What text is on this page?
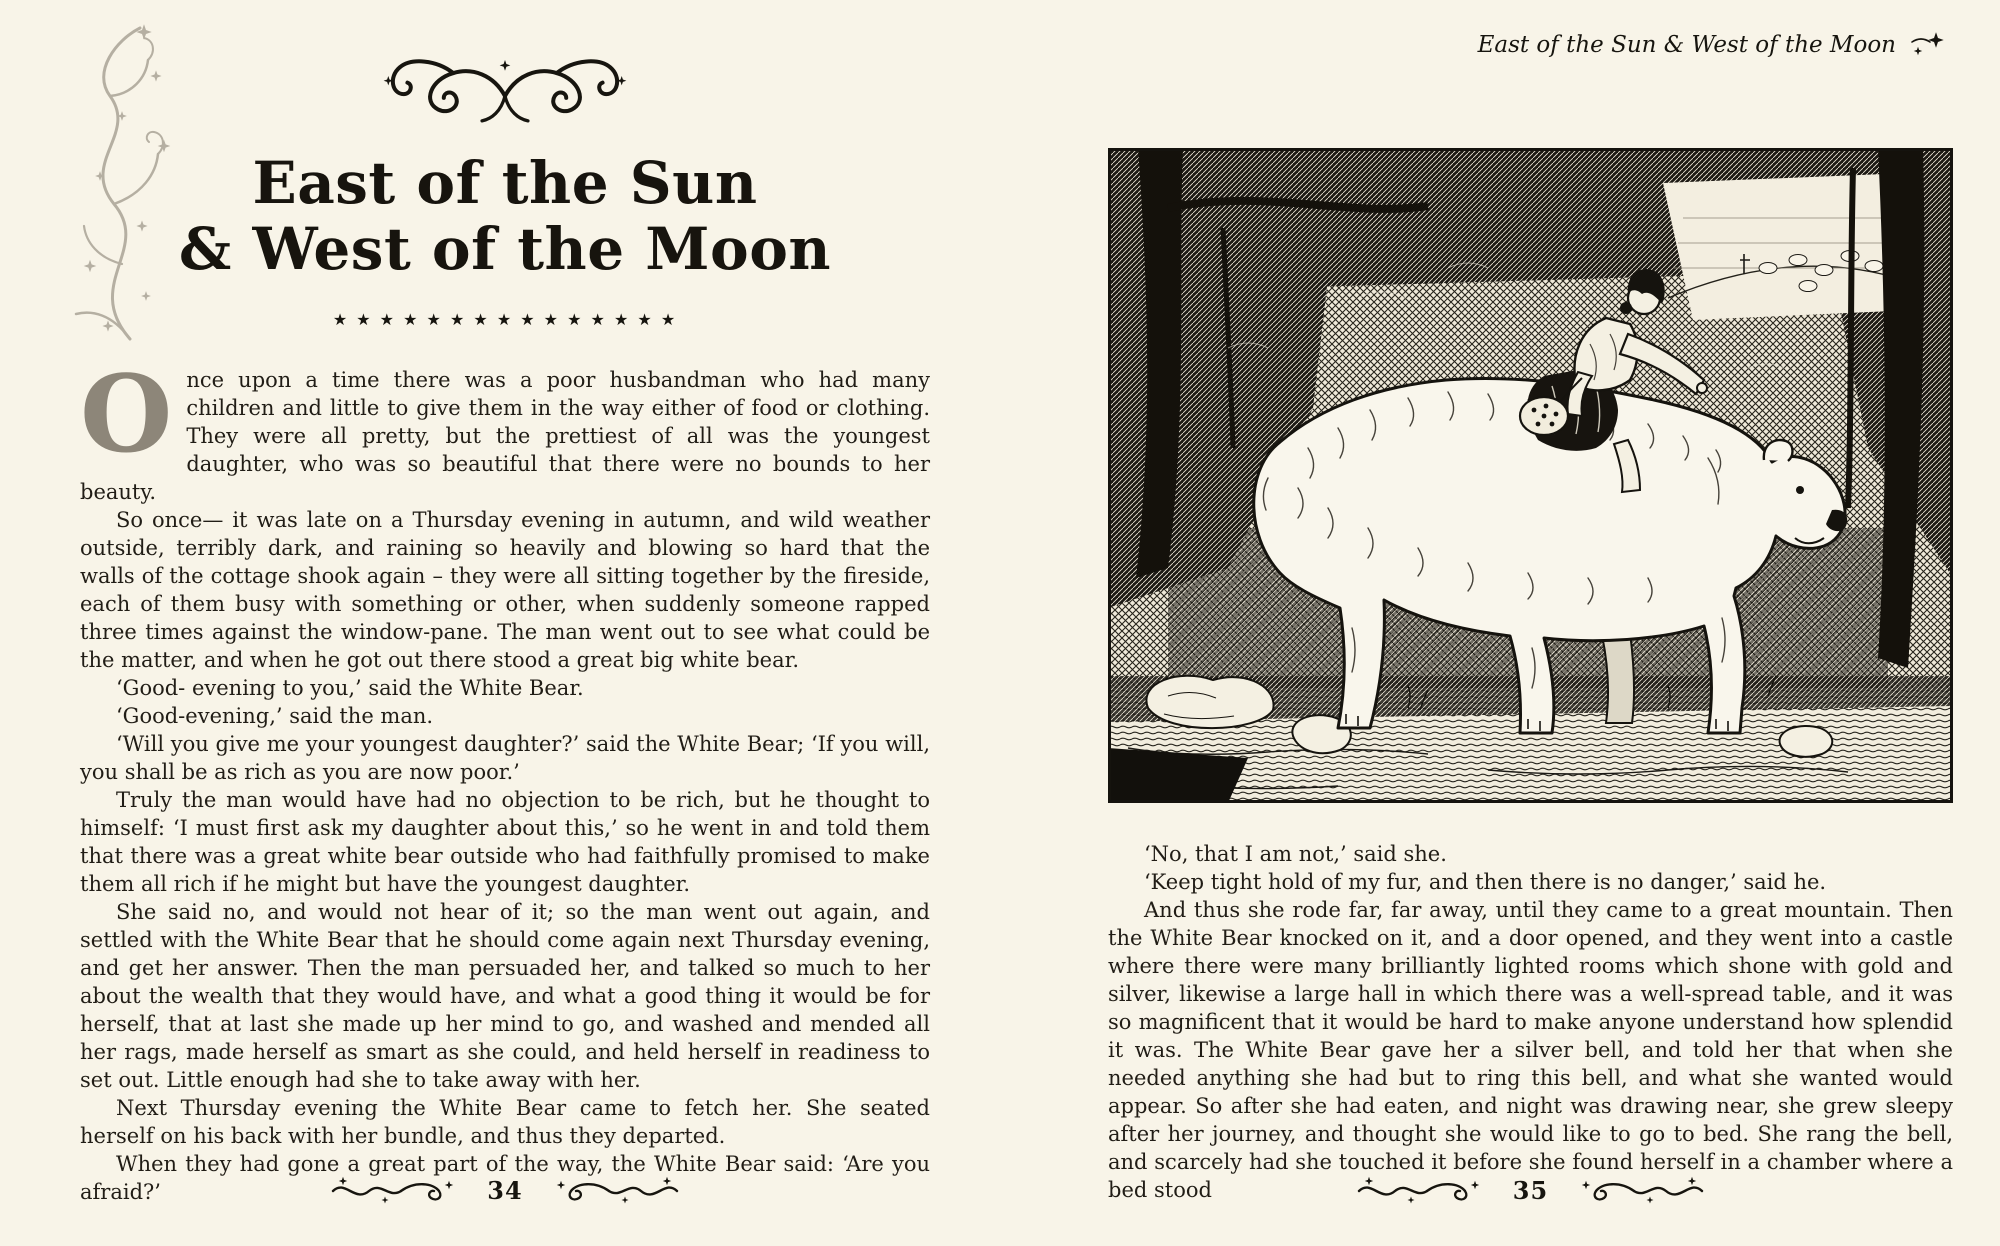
East of the Sun
& West of the Moon
★ ★ ★ ★ ★ ★ ★ ★ ★ ★ ★ ★ ★ ★ ★

Once upon a time there was a poor husbandman who had many children and little to give them in the way either of food or clothing. They were all pretty, but the prettiest of all was the youngest daughter, who was so beautiful that there were no bounds to her beauty.

So once— it was late on a Thursday evening in autumn, and wild weather outside, terribly dark, and raining so heavily and blowing so hard that the walls of the cottage shook again – they were all sitting together by the fireside, each of them busy with something or other, when suddenly someone rapped three times against the window-pane. The man went out to see what could be the matter, and when he got out there stood a great big white bear.

‘Good- evening to you,’ said the White Bear.

‘Good-evening,’ said the man.

‘Will you give me your youngest daughter?’ said the White Bear; ‘If you will, you shall be as rich as you are now poor.’

Truly the man would have had no objection to be rich, but he thought to himself: ‘I must first ask my daughter about this,’ so he went in and told them that there was a great white bear outside who had faithfully promised to make them all rich if he might but have the youngest daughter.

She said no, and would not hear of it; so the man went out again, and settled with the White Bear that he should come again next Thursday evening, and get her answer. Then the man persuaded her, and talked so much to her about the wealth that they would have, and what a good thing it would be for herself, that at last she made up her mind to go, and washed and mended all her rags, made herself as smart as she could, and held herself in readiness to set out. Little enough had she to take away with her.

Next Thursday evening the White Bear came to fetch her. She seated herself on his back with her bundle, and thus they departed.

When they had gone a great part of the way, the White Bear said: ‘Are you afraid?’	34
East of the Sun & West of the Moon

‘No, that I am not,’ said she.

‘Keep tight hold of my fur, and then there is no danger,’ said he.

And thus she rode far, far away, until they came to a great mountain. Then the White Bear knocked on it, and a door opened, and they went into a castle where there were many brilliantly lighted rooms which shone with gold and silver, likewise a large hall in which there was a well-spread table, and it was so magnificent that it would be hard to make anyone understand how splendid it was. The White Bear gave her a silver bell, and told her that when she needed anything she had but to ring this bell, and what she wanted would appear. So after she had eaten, and night was drawing near, she grew sleepy after her journey, and thought she would like to go to bed. She rang the bell, and scarcely had she touched it before she found herself in a chamber where a bed stood	35
